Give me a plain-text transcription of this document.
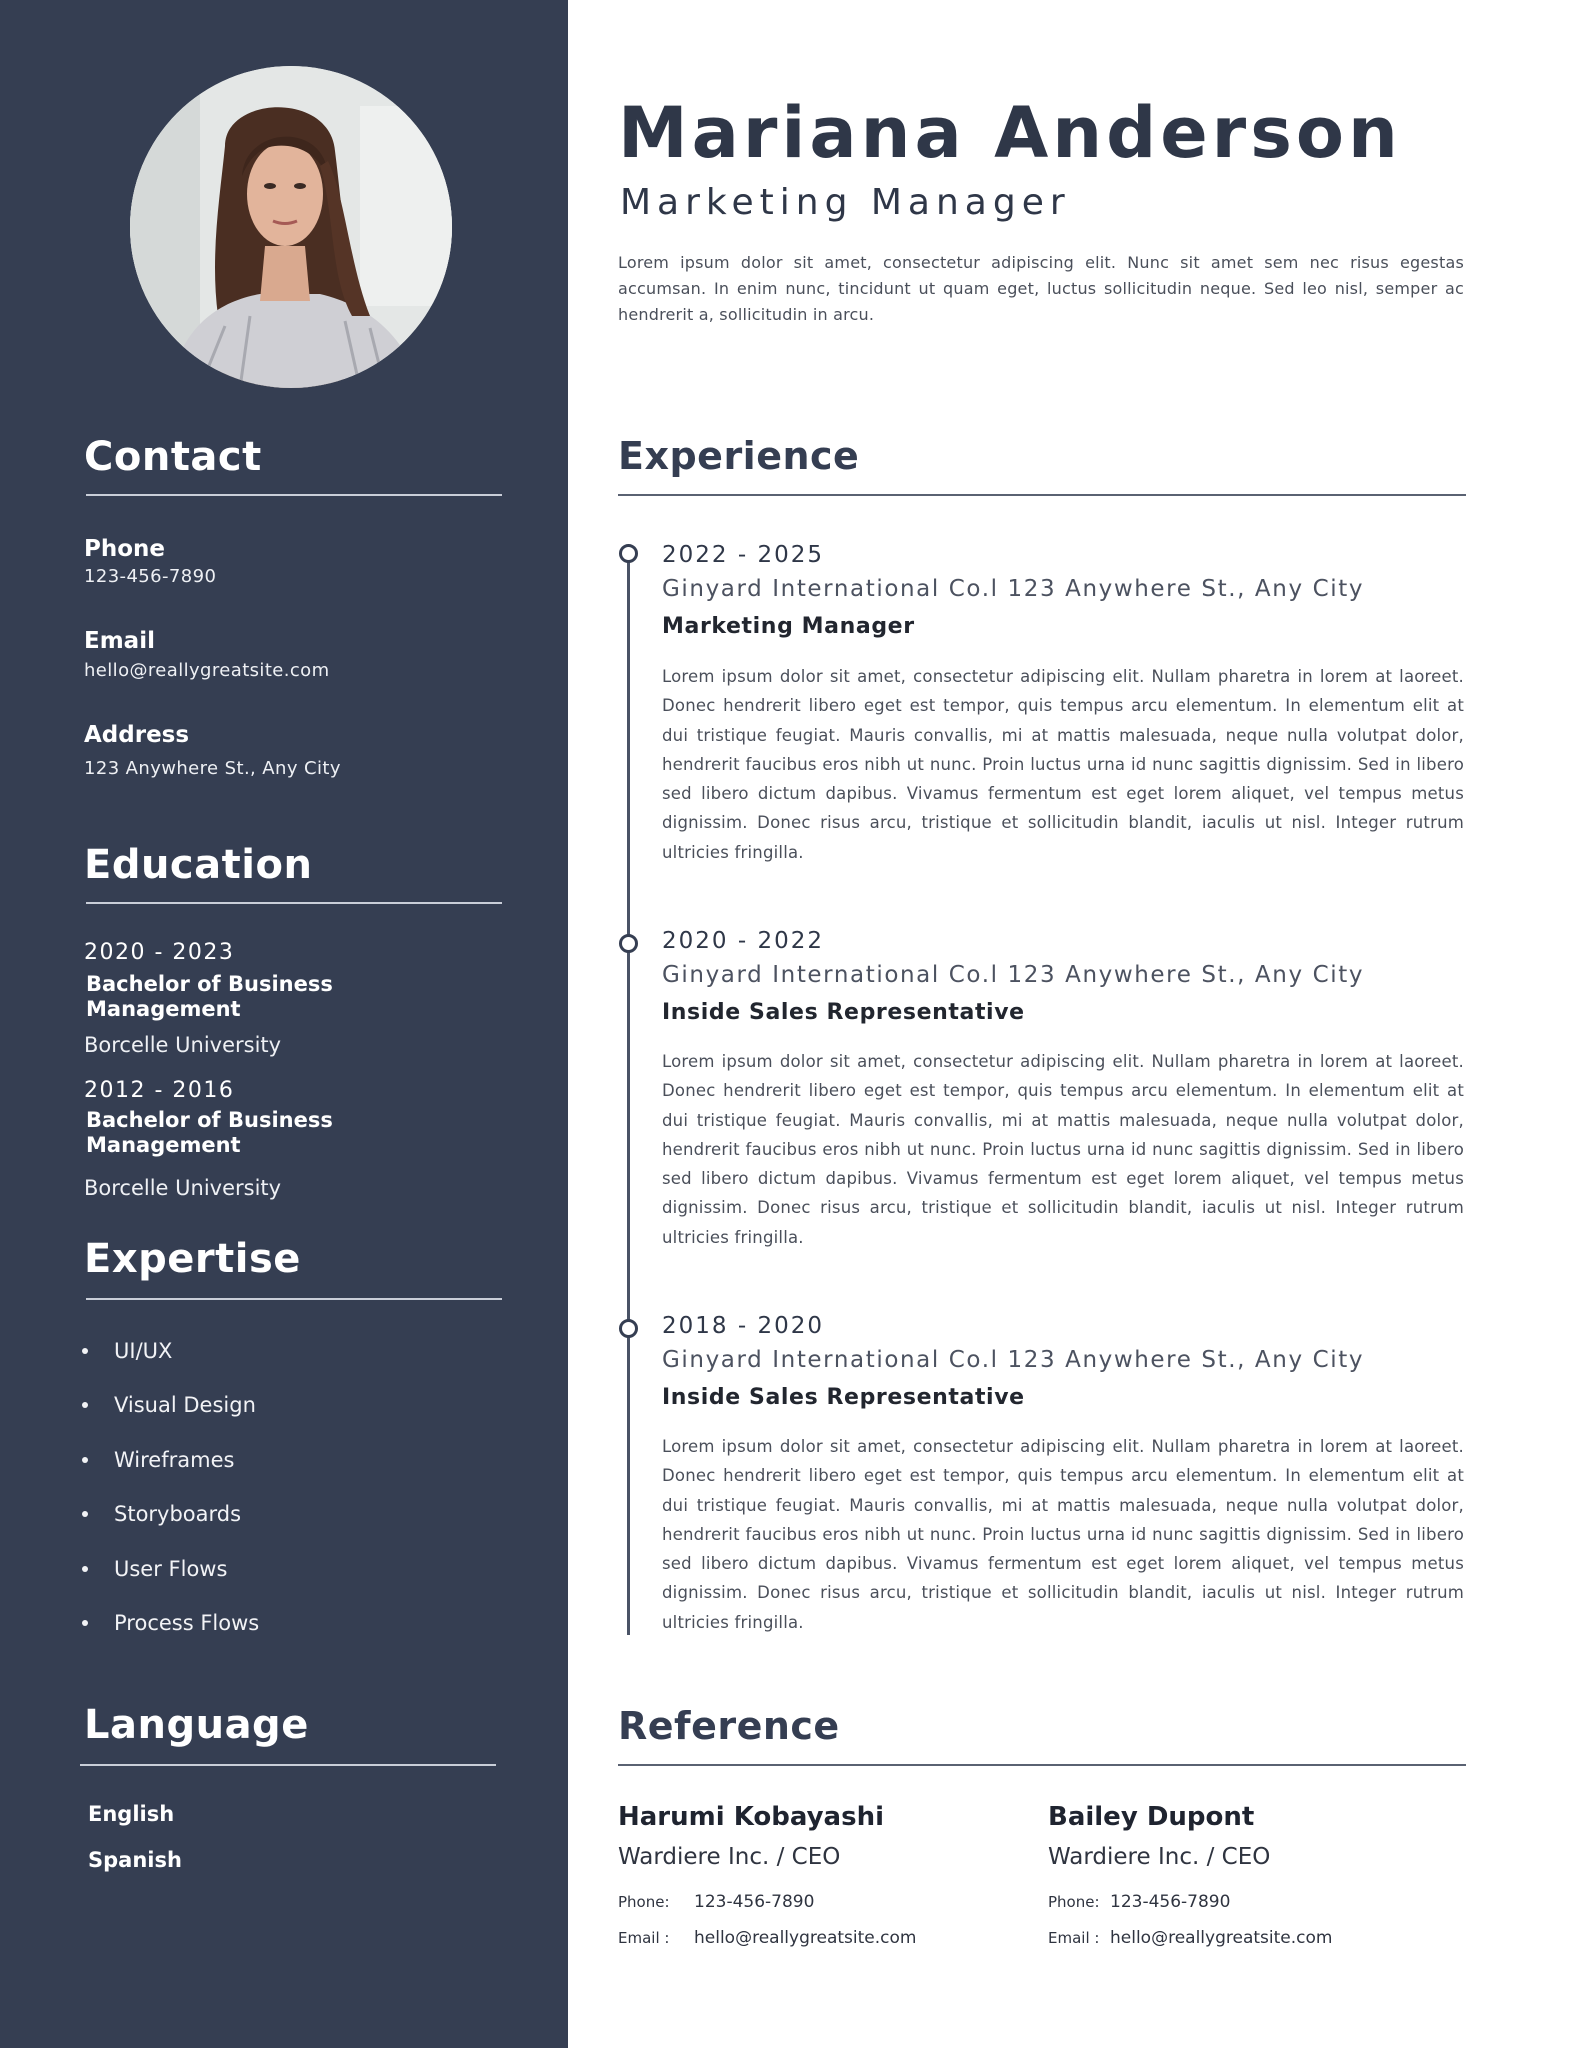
Contact
Phone
123-456-7890
Email
hello@reallygreatsite.com
Address
123 Anywhere St., Any City
Education
2020 - 2023
Bachelor of Business Management
Borcelle University
2012 - 2016
Bachelor of Business Management
Borcelle University
Expertise
UI/UX
Visual Design
Wireframes
Storyboards
User Flows
Process Flows
Language
English
Spanish
Mariana Anderson
Marketing Manager
Lorem ipsum dolor sit amet, consectetur adipiscing elit. Nunc sit amet sem nec risus egestas accumsan. In enim nunc, tincidunt ut quam eget, luctus sollicitudin neque. Sed leo nisl, semper ac hendrerit a, sollicitudin in arcu.
Experience
2022 - 2025
Ginyard International Co.l 123 Anywhere St., Any City
Marketing Manager
Lorem ipsum dolor sit amet, consectetur adipiscing elit. Nullam pharetra in lorem at laoreet. Donec hendrerit libero eget est tempor, quis tempus arcu elementum. In elementum elit at dui tristique feugiat. Mauris convallis, mi at mattis malesuada, neque nulla volutpat dolor, hendrerit faucibus eros nibh ut nunc. Proin luctus urna id nunc sagittis dignissim. Sed in libero sed libero dictum dapibus. Vivamus fermentum est eget lorem aliquet, vel tempus metus dignissim. Donec risus arcu, tristique et sollicitudin blandit, iaculis ut nisl. Integer rutrum ultricies fringilla.
2020 - 2022
Ginyard International Co.l 123 Anywhere St., Any City
Inside Sales Representative
Lorem ipsum dolor sit amet, consectetur adipiscing elit. Nullam pharetra in lorem at laoreet. Donec hendrerit libero eget est tempor, quis tempus arcu elementum. In elementum elit at dui tristique feugiat. Mauris convallis, mi at mattis malesuada, neque nulla volutpat dolor, hendrerit faucibus eros nibh ut nunc. Proin luctus urna id nunc sagittis dignissim. Sed in libero sed libero dictum dapibus. Vivamus fermentum est eget lorem aliquet, vel tempus metus dignissim. Donec risus arcu, tristique et sollicitudin blandit, iaculis ut nisl. Integer rutrum ultricies fringilla.
2018 - 2020
Ginyard International Co.l 123 Anywhere St., Any City
Inside Sales Representative
Lorem ipsum dolor sit amet, consectetur adipiscing elit. Nullam pharetra in lorem at laoreet. Donec hendrerit libero eget est tempor, quis tempus arcu elementum. In elementum elit at dui tristique feugiat. Mauris convallis, mi at mattis malesuada, neque nulla volutpat dolor, hendrerit faucibus eros nibh ut nunc. Proin luctus urna id nunc sagittis dignissim. Sed in libero sed libero dictum dapibus. Vivamus fermentum est eget lorem aliquet, vel tempus metus dignissim. Donec risus arcu, tristique et sollicitudin blandit, iaculis ut nisl. Integer rutrum ultricies fringilla.
Reference
Harumi Kobayashi
Wardiere Inc. / CEO
Phone: 123-456-7890
Email : hello@reallygreatsite.com
Bailey Dupont
Wardiere Inc. / CEO
Phone: 123-456-7890
Email : hello@reallygreatsite.com
